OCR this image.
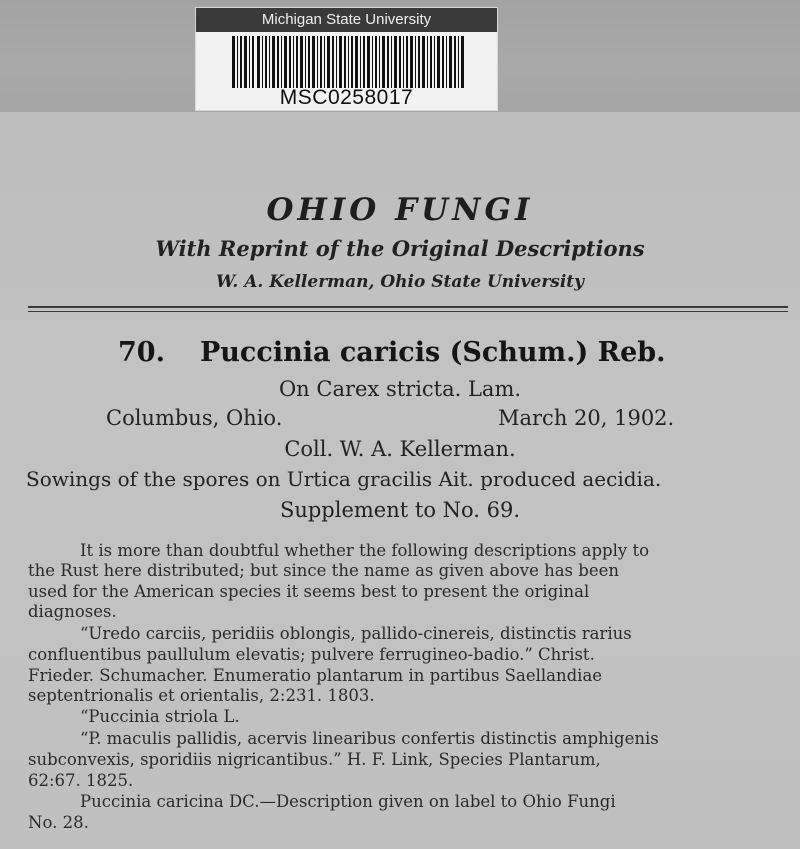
Michigan State University
MSC0258017

OHIO FUNGI

With Reprint of the Original Descriptions

W. A. Kellerman, Ohio State University

70. Puccinia caricis (Schum.) Reb.

On Carex stricta. Lam.

Columbus, Ohio.	March 20, 1902.

Coll. W. A. Kellerman.

Sowings of the spores on Urtica gracilis Ait. produced aecidia.

Supplement to No. 69.

It is more than doubtful whether the following descriptions apply to

the Rust here distributed; but since the name as given above has been

used for the American species it seems best to present the original

diagnoses.

“Uredo carciis, peridiis oblongis, pallido-cinereis, distinctis rarius

confluentibus paullulum elevatis; pulvere ferrugineo-badio.” Christ.

Frieder. Schumacher. Enumeratio plantarum in partibus Saellandiae

septentrionalis et orientalis, 2:231. 1803.

“Puccinia striola L.

“P. maculis pallidis, acervis linearibus confertis distinctis amphigenis

subconvexis, sporidiis nigricantibus.” H. F. Link, Species Plantarum,

62:67. 1825.

Puccinia caricina DC.—Description given on label to Ohio Fungi

No. 28.
